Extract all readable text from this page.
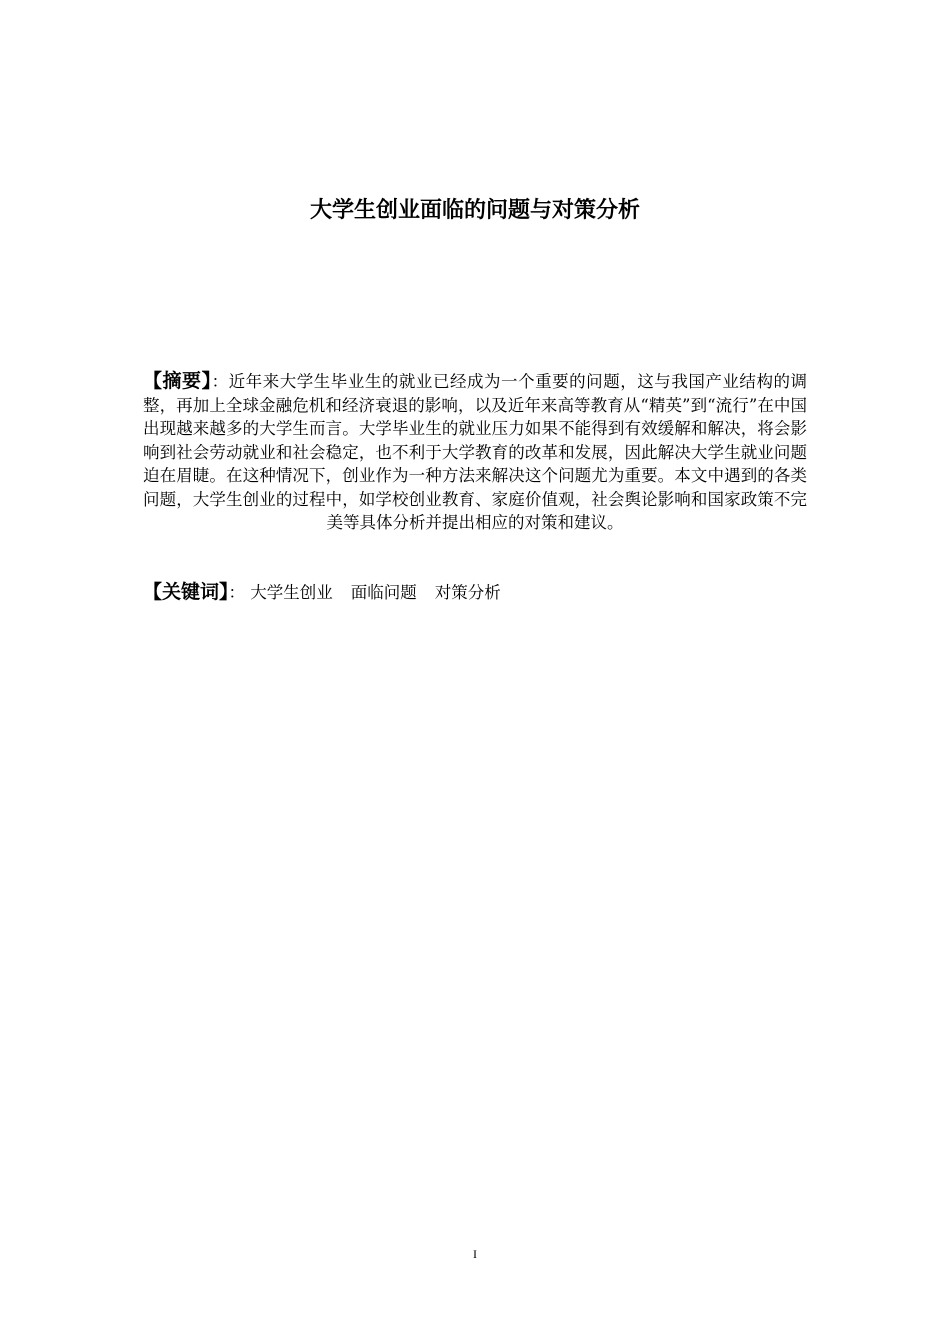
大学生创业面临的问题与对策分析

【摘要】：近年来大学生毕业生的就业已经成为一个重要的问题，这与我国产业结构的调整，再加上全球金融危机和经济衰退的影响，以及近年来高等教育从“精英”到“流行”在中国出现越来越多的大学生而言。大学毕业生的就业压力如果不能得到有效缓解和解决，将会影响到社会劳动就业和社会稳定，也不利于大学教育的改革和发展，因此解决大学生就业问题迫在眉睫。在这种情况下，创业作为一种方法来解决这个问题尤为重要。本文中遇到的各类问题，大学生创业的过程中，如学校创业教育、家庭价值观，社会舆论影响和国家政策不完美等具体分析并提出相应的对策和建议。

【关键词】： 大学生创业 面临问题 对策分析

I
